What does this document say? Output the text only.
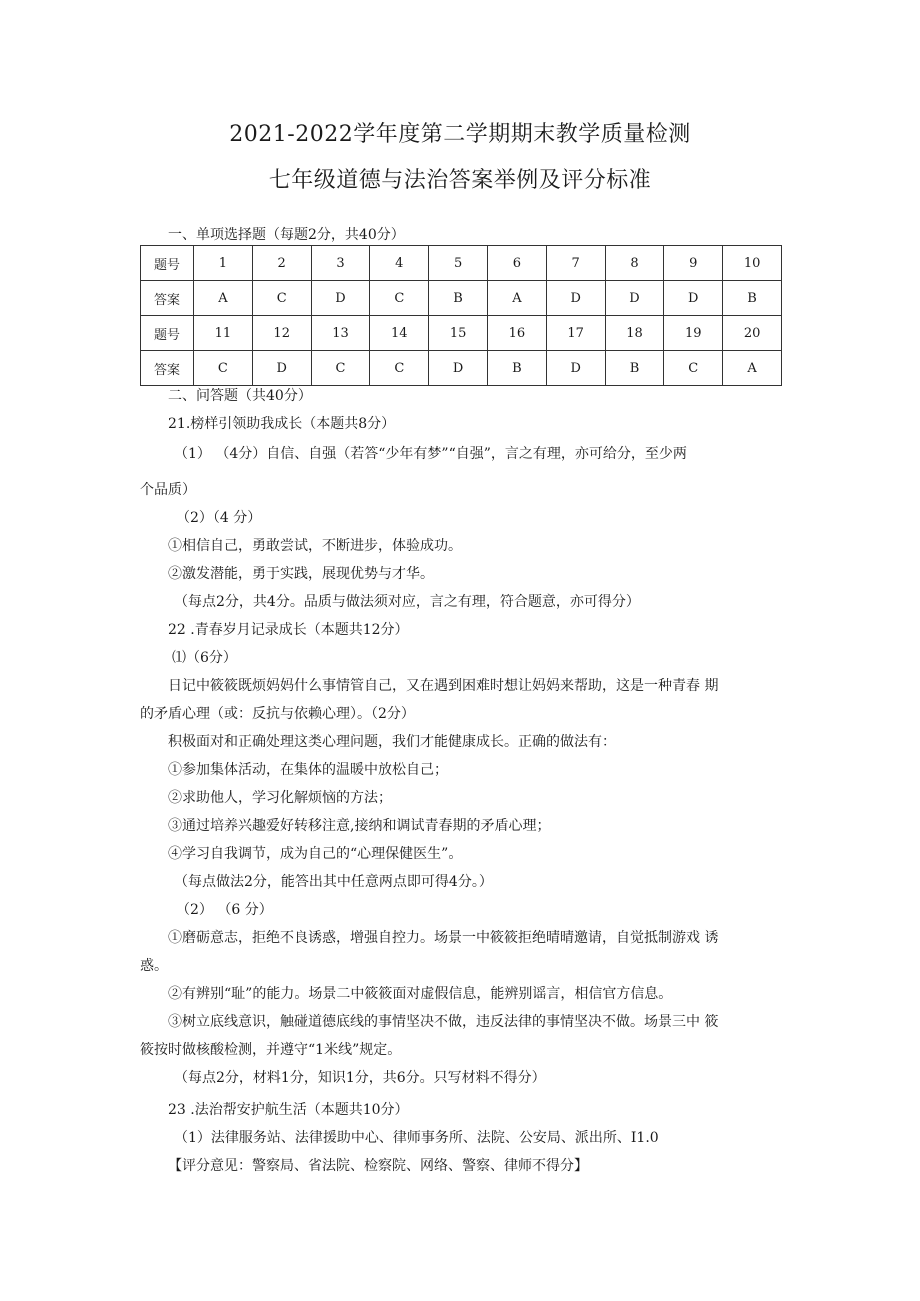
2021-2022学年度第二学期期末教学质量检测
七年级道德与法治答案举例及评分标准
一、单项选择题（每题2分，共40分）
题号	1	2	3	4	5	6	7	8	9	10
答案	A	C	D	C	B	A	D	D	D	B
题号	11	12	13	14	15	16	17	18	19	20
答案	C	D	C	C	D	B	D	B	C	A
二、问答题（共40分）
21.榜样引领助我成长（本题共8分）
（1） （4分）自信、自强（若答“少年有梦”“自强”，言之有理，亦可给分，至少两
个品质）
（2）（4 分）
①相信自己，勇敢尝试，不断进步，体验成功。
②激发潜能，勇于实践，展现优势与才华。
（每点2分，共4分。品质与做法须对应，言之有理，符合题意，亦可得分）
22 .青春岁月记录成长（本题共12分）
⑴（6分）
日记中筱筱既烦妈妈什么事情管自己，又在遇到困难时想让妈妈来帮助，这是一种青春 期
的矛盾心理（或：反抗与依赖心理）。（2分）
积极面对和正确处理这类心理问题，我们才能健康成长。正确的做法有：
①参加集体活动，在集体的温暖中放松自己；
②求助他人，学习化解烦恼的方法；
③通过培养兴趣爱好转移注意,接纳和调试青春期的矛盾心理；
④学习自我调节，成为自己的“心理保健医生”。
（每点做法2分，能答出其中任意两点即可得4分。）
（2） （6 分）
①磨砺意志，拒绝不良诱惑，增强自控力。场景一中筱筱拒绝晴晴邀请，自觉抵制游戏 诱
惑。
②有辨别“耻”的能力。场景二中筱筱面对虚假信息，能辨别谣言，相信官方信息。
③树立底线意识，触碰道德底线的事情坚决不做，违反法律的事情坚决不做。场景三中 筱
筱按时做核酸检测，并遵守“1米线”规定。
（每点2分，材料1分，知识1分，共6分。只写材料不得分）
23 .法治帮安护航生活（本题共10分）
（1）法律服务站、法律援助中心、律师事务所、法院、公安局、派出所、I1.0
【评分意见：警察局、省法院、检察院、网络、警察、律师不得分】
